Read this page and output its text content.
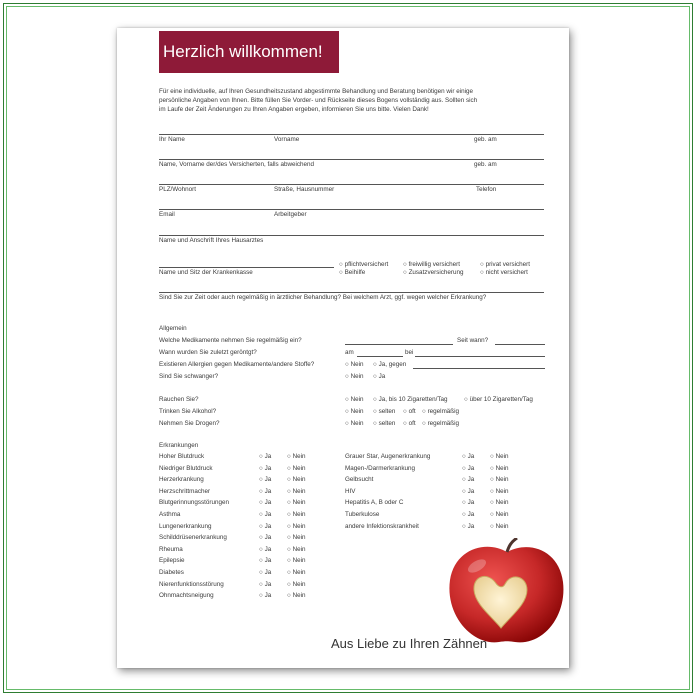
Herzlich willkommen!
Für eine individuelle, auf Ihren Gesundheitszustand abgestimmte Behandlung und Beratung benötigen wir einige
persönliche Angaben von Ihnen. Bitte füllen Sie Vorder- und Rückseite dieses Bogens vollständig aus. Sollten sich
im Laufe der Zeit Änderungen zu Ihren Angaben ergeben, informieren Sie uns bitte. Vielen Dank!
Ihr Name	Vorname	geb. am
Name, Vorname der/des Versicherten, falls abweichend	geb. am
PLZ/Wohnort	Straße, Hausnummer	Telefon
Email	Arbeitgeber
Name und Anschrift Ihres Hausarztes
Name und Sitz der Krankenkasse
○ pflichtversichert ○ freiwillig versichert	○ privat versichert
○ Beihilfe	○ Zusatzversicherung	○ nicht versichert
Sind Sie zur Zeit oder auch regelmäßig in ärztlicher Behandlung? Bei welchem Arzt, ggf. wegen welcher Erkrankung?
Allgemein
Welche Medikamente nehmen Sie regelmäßig ein?	Seit wann?
Wann wurden Sie zuletzt geröntgt?	am	bei
Existieren Allergien gegen Medikamente/andere Stoffe?	○ Nein ○ Ja, gegen
Sind Sie schwanger?	○ Nein ○ Ja
Rauchen Sie?	○ Nein ○ Ja, bis 10 Zigaretten/Tag	○ über 10 Zigaretten/Tag
Trinken Sie Alkohol?	○ Nein ○ selten ○ oft ○ regelmäßig
Nehmen Sie Drogen?	○ Nein ○ selten ○ oft ○ regelmäßig
Erkrankungen
Hoher Blutdruck	○ Ja	○ Nein
Niedriger Blutdruck	○ Ja	○ Nein
Herzerkrankung	○ Ja	○ Nein
Herzschrittmacher	○ Ja	○ Nein
Blutgerinnungsstörungen	○ Ja	○ Nein
Asthma	○ Ja	○ Nein
Lungenerkrankung	○ Ja	○ Nein
Schilddrüsenerkrankung	○ Ja	○ Nein
Rheuma	○ Ja	○ Nein
Epilepsie	○ Ja	○ Nein
Diabetes	○ Ja	○ Nein
Nierenfunktionsstörung	○ Ja	○ Nein
Ohnmachtsneigung	○ Ja	○ Nein
Grauer Star, Augenerkrankung	○ Ja	○ Nein
Magen-/Darmerkrankung	○ Ja	○ Nein
Gelbsucht	○ Ja	○ Nein
HIV	○ Ja	○ Nein
Hepatitis A, B oder C	○ Ja	○ Nein
Tuberkulose	○ Ja	○ Nein
andere Infektionskrankheit	○ Ja	○ Nein
Aus Liebe zu Ihren Zähnen
